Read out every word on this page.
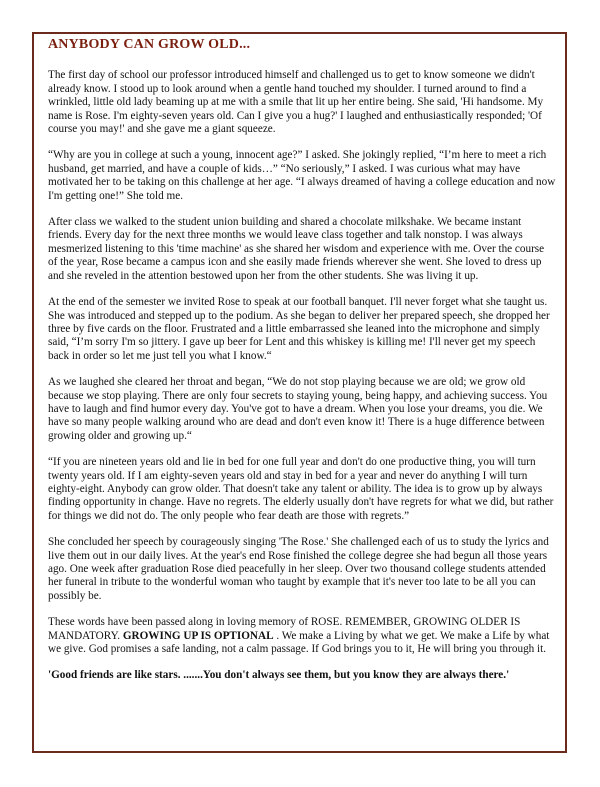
ANYBODY CAN GROW OLD...

The first day of school our professor introduced himself and challenged us to get to know someone we didn't already know. I stood up to look around when a gentle hand touched my shoulder. I turned around to find a wrinkled, little old lady beaming up at me with a smile that lit up her entire being. She said, 'Hi handsome. My name is Rose. I'm eighty-seven years old. Can I give you a hug?' I laughed and enthusiastically responded; 'Of course you may!' and she gave me a giant squeeze.

“Why are you in college at such a young, innocent age?” I asked. She jokingly replied, “I’m here to meet a rich husband, get married, and have a couple of kids…” “No seriously,” I asked. I was curious what may have motivated her to be taking on this challenge at her age. “I always dreamed of having a college education and now I'm getting one!” She told me.

After class we walked to the student union building and shared a chocolate milkshake. We became instant friends. Every day for the next three months we would leave class together and talk nonstop. I was always mesmerized listening to this 'time machine' as she shared her wisdom and experience with me. Over the course of the year, Rose became a campus icon and she easily made friends wherever she went. She loved to dress up and she reveled in the attention bestowed upon her from the other students. She was living it up.

At the end of the semester we invited Rose to speak at our football banquet. I'll never forget what she taught us. She was introduced and stepped up to the podium. As she began to deliver her prepared speech, she dropped her three by five cards on the floor. Frustrated and a little embarrassed she leaned into the microphone and simply said, “I’m sorry I'm so jittery. I gave up beer for Lent and this whiskey is killing me! I'll never get my speech back in order so let me just tell you what I know.“

As we laughed she cleared her throat and began, “We do not stop playing because we are old; we grow old because we stop playing. There are only four secrets to staying young, being happy, and achieving success. You have to laugh and find humor every day. You've got to have a dream. When you lose your dreams, you die. We have so many people walking around who are dead and don't even know it! There is a huge difference between growing older and growing up.“

“If you are nineteen years old and lie in bed for one full year and don't do one productive thing, you will turn twenty years old. If I am eighty-seven years old and stay in bed for a year and never do anything I will turn eighty-eight. Anybody can grow older. That doesn't take any talent or ability. The idea is to grow up by always finding opportunity in change. Have no regrets. The elderly usually don't have regrets for what we did, but rather for things we did not do. The only people who fear death are those with regrets.”

She concluded her speech by courageously singing 'The Rose.' She challenged each of us to study the lyrics and live them out in our daily lives. At the year's end Rose finished the college degree she had begun all those years ago. One week after graduation Rose died peacefully in her sleep. Over two thousand college students attended her funeral in tribute to the wonderful woman who taught by example that it's never too late to be all you can possibly be.

These words have been passed along in loving memory of ROSE. REMEMBER, GROWING OLDER IS MANDATORY. GROWING UP IS OPTIONAL . We make a Living by what we get. We make a Life by what we give. God promises a safe landing, not a calm passage. If God brings you to it, He will bring you through it.

'Good friends are like stars. .......You don't always see them, but you know they are always there.'
